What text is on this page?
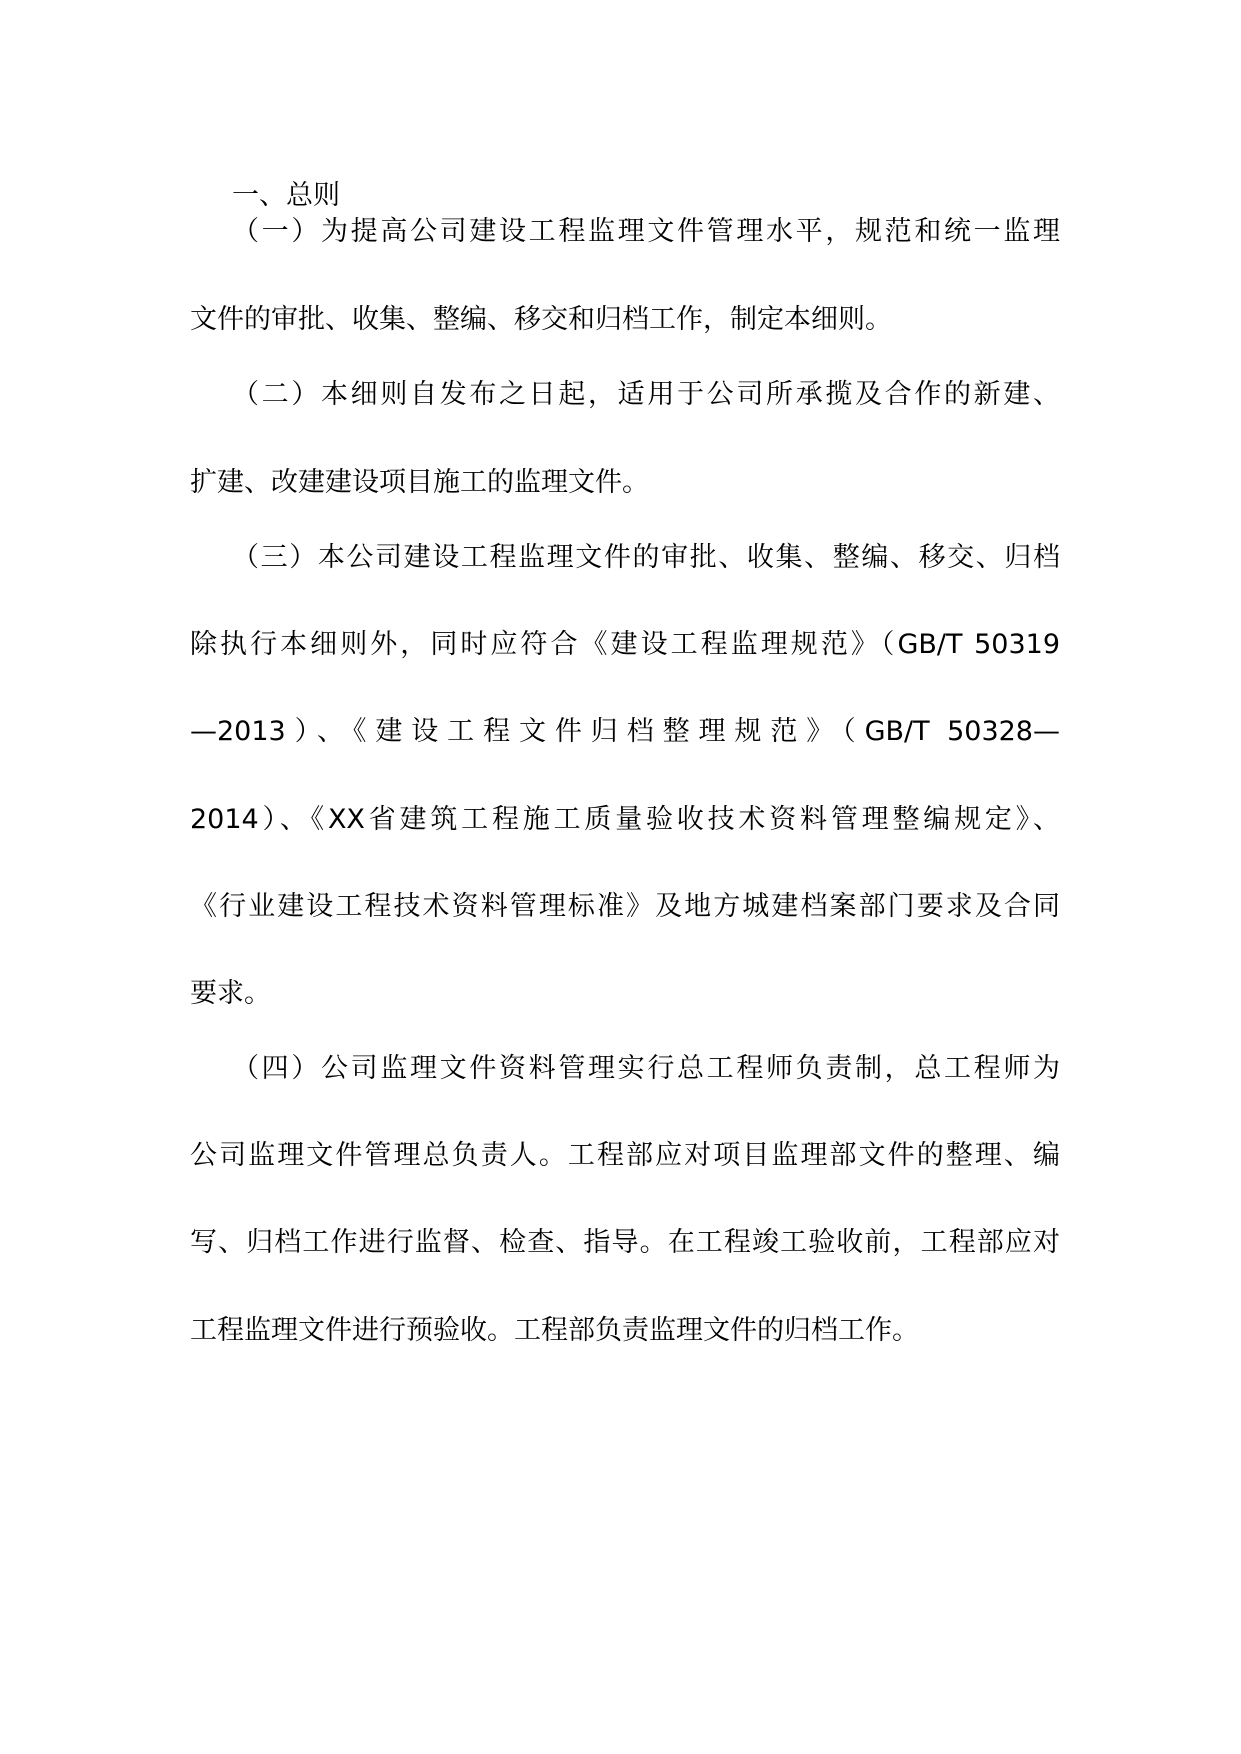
一、总则
（一）为提高公司建设工程监理文件管理水平，规范和统一监理
文件的审批、收集、整编、移交和归档工作，制定本细则。
（二）本细则自发布之日起，适用于公司所承揽及合作的新建、
扩建、改建建设项目施工的监理文件。
（三）本公司建设工程监理文件的审批、收集、整编、移交、归档
除执行本细则外，同时应符合《建设工程监理规范》（GB/T 50319
—2013）、《建设工程文件归档整理规范》（GB/T 50328—
2014）、《XX省建筑工程施工质量验收技术资料管理整编规定》、
《行业建设工程技术资料管理标准》及地方城建档案部门要求及合同
要求。
（四）公司监理文件资料管理实行总工程师负责制，总工程师为
公司监理文件管理总负责人。工程部应对项目监理部文件的整理、编
写、归档工作进行监督、检查、指导。在工程竣工验收前，工程部应对
工程监理文件进行预验收。工程部负责监理文件的归档工作。
